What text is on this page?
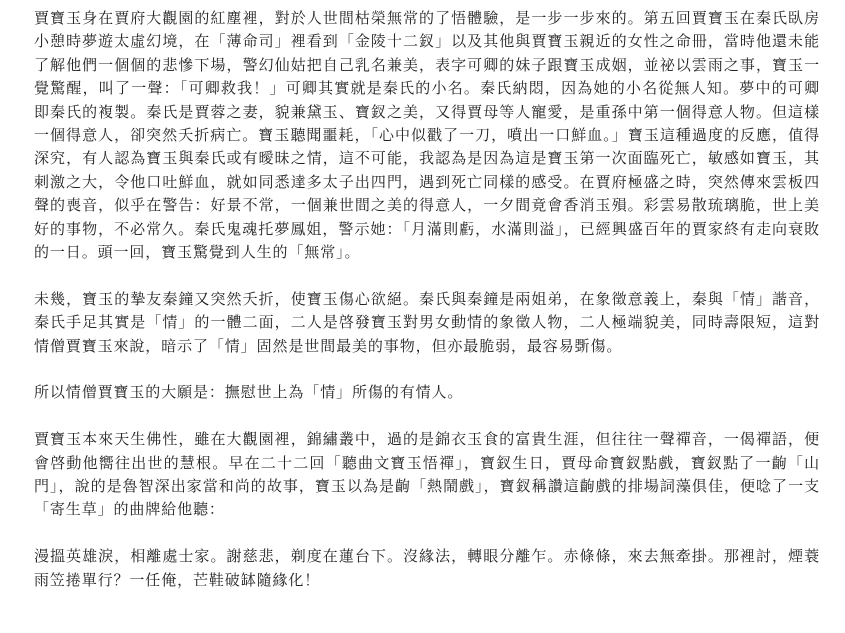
賈寶玉身在賈府大觀園的紅塵裡，對於人世間枯榮無常的了悟體驗，是一步一步來的。第五回賈寶玉在秦氏臥房小憩時夢遊太虛幻境，在「薄命司」裡看到「金陵十二釵」以及其他與賈寶玉親近的女性之命冊，當時他還未能了解他們一個個的悲慘下場，警幻仙姑把自己乳名兼美，表字可卿的妹子跟寶玉成姻，並祕以雲雨之事，寶玉一覺驚醒，叫了一聲：「可卿救我！」可卿其實就是秦氏的小名。秦氏納悶，因為她的小名從無人知。夢中的可卿即秦氏的複製。秦氏是賈蓉之妻，貌兼黛玉、寶釵之美，又得賈母等人寵愛，是重孫中第一個得意人物。但這樣一個得意人，卻突然夭折病亡。寶玉聽聞噩耗，「心中似戳了一刀，噴出一口鮮血。」寶玉這種過度的反應，值得深究，有人認為寶玉與秦氏或有曖昧之情，這不可能，我認為是因為這是寶玉第一次面臨死亡，敏感如寶玉，其刺激之大，令他口吐鮮血，就如同悉達多太子出四門，遇到死亡同樣的感受。在賈府極盛之時，突然傳來雲板四聲的喪音，似乎在警告：好景不常，一個兼世間之美的得意人，一夕間竟會香消玉殞。彩雲易散琉璃脆，世上美好的事物，不必常久。秦氏鬼魂托夢鳳姐，警示她：「月滿則虧，水滿則溢」，已經興盛百年的賈家終有走向衰敗的一日。頭一回，寶玉驚覺到人生的「無常」。

未幾，寶玉的摯友秦鐘又突然夭折，使寶玉傷心欲絕。秦氏與秦鐘是兩姐弟，在象徵意義上，秦與「情」諧音，秦氏手足其實是「情」的一體二面，二人是啓發寶玉對男女動情的象徵人物，二人極端貌美，同時壽限短，這對情僧賈寶玉來說，暗示了「情」固然是世間最美的事物，但亦最脆弱，最容易斲傷。

所以情僧賈寶玉的大願是：撫慰世上為「情」所傷的有情人。

賈寶玉本來天生佛性，雖在大觀園裡，錦繡叢中，過的是錦衣玉食的富貴生涯，但往往一聲禪音，一偈禪語，便會啓動他嚮往出世的慧根。早在二十二回「聽曲文寶玉悟禪」，寶釵生日，賈母命寶釵點戲，寶釵點了一齣「山門」，說的是魯智深出家當和尚的故事，寶玉以為是齣「熱鬧戲」，寶釵稱讚這齣戲的排場詞藻俱佳，便唸了一支「寄生草」的曲牌給他聽：

漫搵英雄淚，相離處士家。謝慈悲，剃度在蓮台下。沒緣法，轉眼分離乍。赤條條，來去無牽掛。那裡討，煙蓑雨笠捲單行？一任俺，芒鞋破缽隨緣化！
